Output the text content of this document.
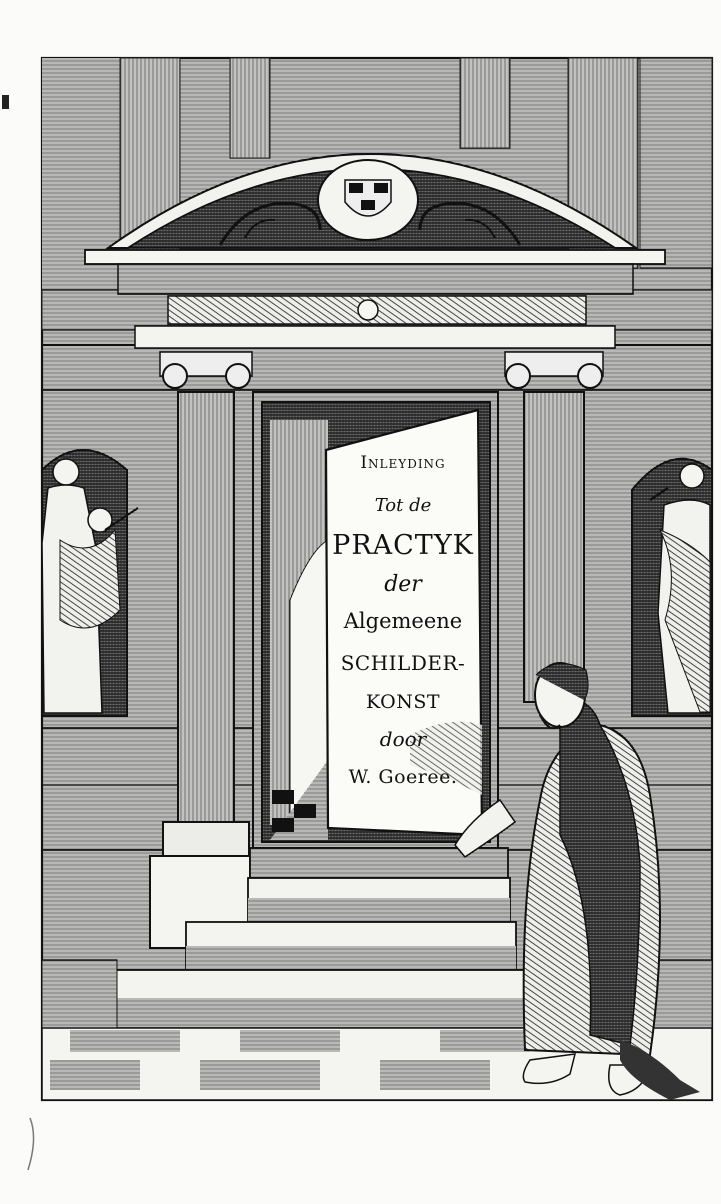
Inleyding
Tot de
PRACTYK
der
Algemeene
SCHILDER-
KONST
door
W. Goeree.
